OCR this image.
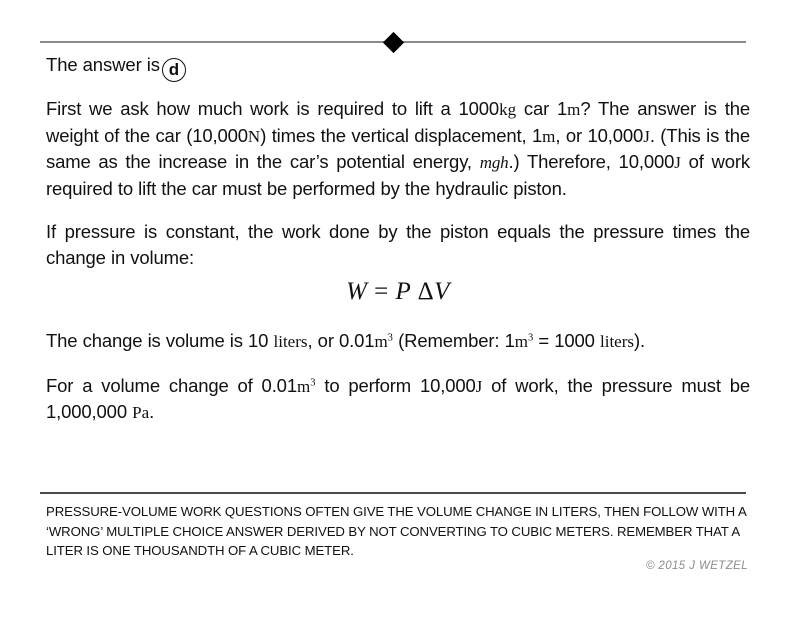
The answer is d

First we ask how much work is required to lift a 1000kg car 1m? The answer is the weight of the car (10,000N) times the vertical displacement, 1m, or 10,000J. (This is the same as the increase in the car’s potential energy, mgh.) Therefore, 10,000J of work required to lift the car must be performed by the hydraulic piston.

If pressure is constant, the work done by the piston equals the pressure times the change in volume:

W = P ΔV

The change is volume is 10 liters, or $0.01m^3$ (Remember: $1m^3 = 1000$ liters).

For a volume change of $0.01m^3$ to perform 10,000J of work, the pressure must be 1,000,000 Pa.

PRESSURE-VOLUME WORK QUESTIONS OFTEN GIVE THE VOLUME CHANGE IN LITERS, THEN FOLLOW WITH A ‘WRONG’ MULTIPLE CHOICE ANSWER DERIVED BY NOT CONVERTING TO CUBIC METERS. REMEMBER THAT A LITER IS ONE THOUSANDTH OF A CUBIC METER.
© 2015 J WETZEL
